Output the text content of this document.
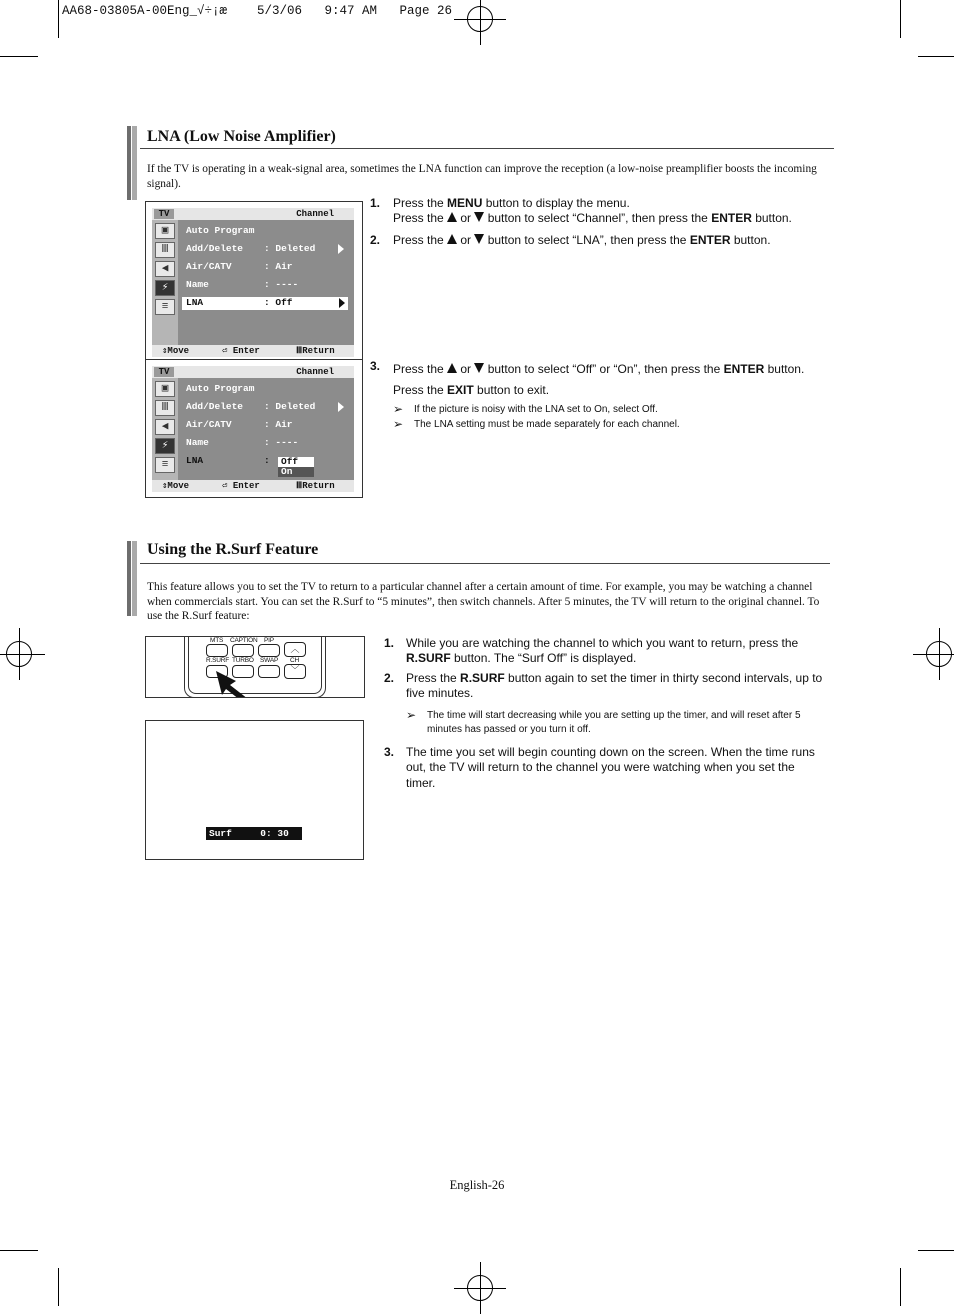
AA68-03805A-00Eng_√÷¡æ    5/3/06   9:47 AM   Page 26
LNA (Low Noise Amplifier)
If the TV is operating in a weak-signal area, sometimes the LNA function can improve the reception (a low-noise preamplifier boosts the incoming signal).
TV	Channel
▣
Ⅲ
◀
⚡
≡
Auto Program
Add/Delete : Deleted
Air/CATV	: Air
Name	: ----
LNA	: Off
⇕Move	⏎ Enter	ⅢReturn
1. Press the MENU button to display the menu.
Press the  or  button to select “Channel”, then press the ENTER button.
2. Press the  or  button to select “LNA”, then press the ENTER button.
TV	Channel
▣
Ⅲ
◀
⚡
≡
Auto Program
Add/Delete : Deleted
Air/CATV	: Air
Name	: ----
LNA	:	Off
On
⇕Move	⏎ Enter	ⅢReturn
3. Press the  or  button to select “Off” or “On”, then press the ENTER button.
Press the EXIT button to exit.
➢ If the picture is noisy with the LNA set to On, select Off.
➢ The LNA setting must be made separately for each channel.
Using the R.Surf Feature
This feature allows you to set the TV to return to a particular channel after a certain amount of time. For example, you may be watching a channel when commercials start. You can set the R.Surf to “5 minutes”, then switch channels. After 5 minutes, the TV will return to the original channel. To use the R.Surf feature:
MTS CAPTION PIP
︿
R.SURF TURBO SWAP CH
﹀
1. While you are watching the channel to which you want to return, press the R.SURF button. The “Surf Off” is displayed.
2. Press the R.SURF button again to set the timer in thirty second intervals, up to five minutes.
➢ The time will start decreasing while you are setting up the timer, and will reset after 5 minutes has passed or you turn it off.
3. The time you set will begin counting down on the screen. When the time runs out, the TV will return to the channel you were watching when you set the timer.
Surf     0: 30
English-26
